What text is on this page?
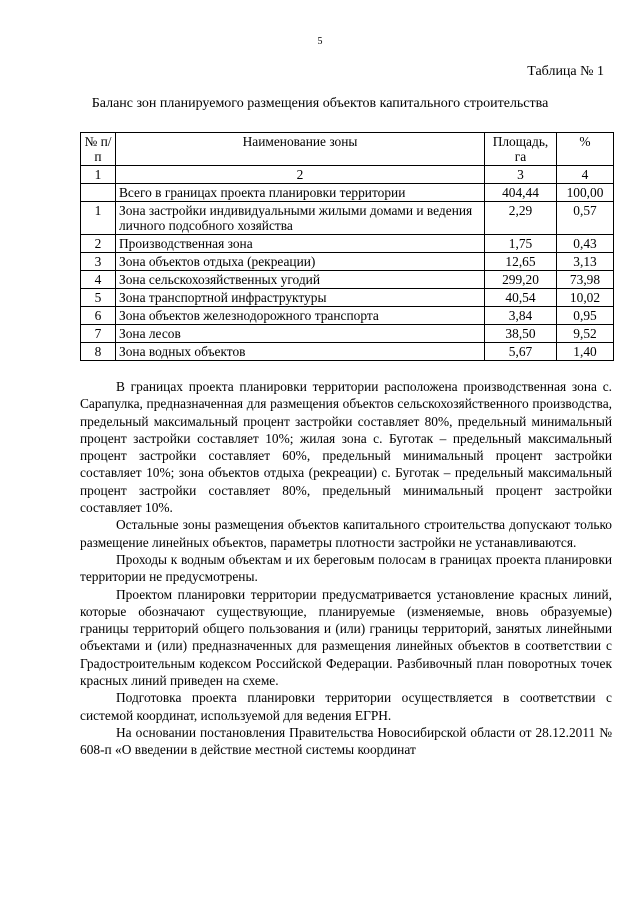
5
Таблица № 1
Баланс зон планируемого размещения объектов капитального строительства
№ п/п	Наименование зоны	Площадь, га	%
1	2	3	4
	Всего в границах проекта планировки территории	404,44	100,00
1	Зона застройки индивидуальными жилыми домами и ведения личного подсобного хозяйства	2,29	0,57
2	Производственная зона	1,75	0,43
3	Зона объектов отдыха (рекреации)	12,65	3,13
4	Зона сельскохозяйственных угодий	299,20	73,98
5	Зона транспортной инфраструктуры	40,54	10,02
6	Зона объектов железнодорожного транспорта	3,84	0,95
7	Зона лесов	38,50	9,52
8	Зона водных объектов	5,67	1,40

В границах проекта планировки территории расположена производственная зона с. Сарапулка, предназначенная для размещения объектов сельскохозяйственного производства, предельный максимальный процент застройки составляет 80%, предельный минимальный процент застройки составляет 10%; жилая зона с. Буготак – предельный максимальный процент застройки составляет 60%, предельный минимальный процент застройки составляет 10%; зона объектов отдыха (рекреации) с. Буготак – предельный максимальный процент застройки составляет 80%, предельный минимальный процент застройки составляет 10%.

Остальные зоны размещения объектов капитального строительства допускают только размещение линейных объектов, параметры плотности застройки не устанавливаются.

Проходы к водным объектам и их береговым полосам в границах проекта планировки территории не предусмотрены.

Проектом планировки территории предусматривается установление красных линий, которые обозначают существующие, планируемые (изменяемые, вновь образуемые) границы территорий общего пользования и (или) границы территорий, занятых линейными объектами и (или) предназначенных для размещения линейных объектов в соответствии с Градостроительным кодексом Российской Федерации. Разбивочный план поворотных точек красных линий приведен на схеме.

Подготовка проекта планировки территории осуществляется в соответствии с системой координат, используемой для ведения ЕГРН.

На основании постановления Правительства Новосибирской области от 28.12.2011 № 608-п «О введении в действие местной системы координат
